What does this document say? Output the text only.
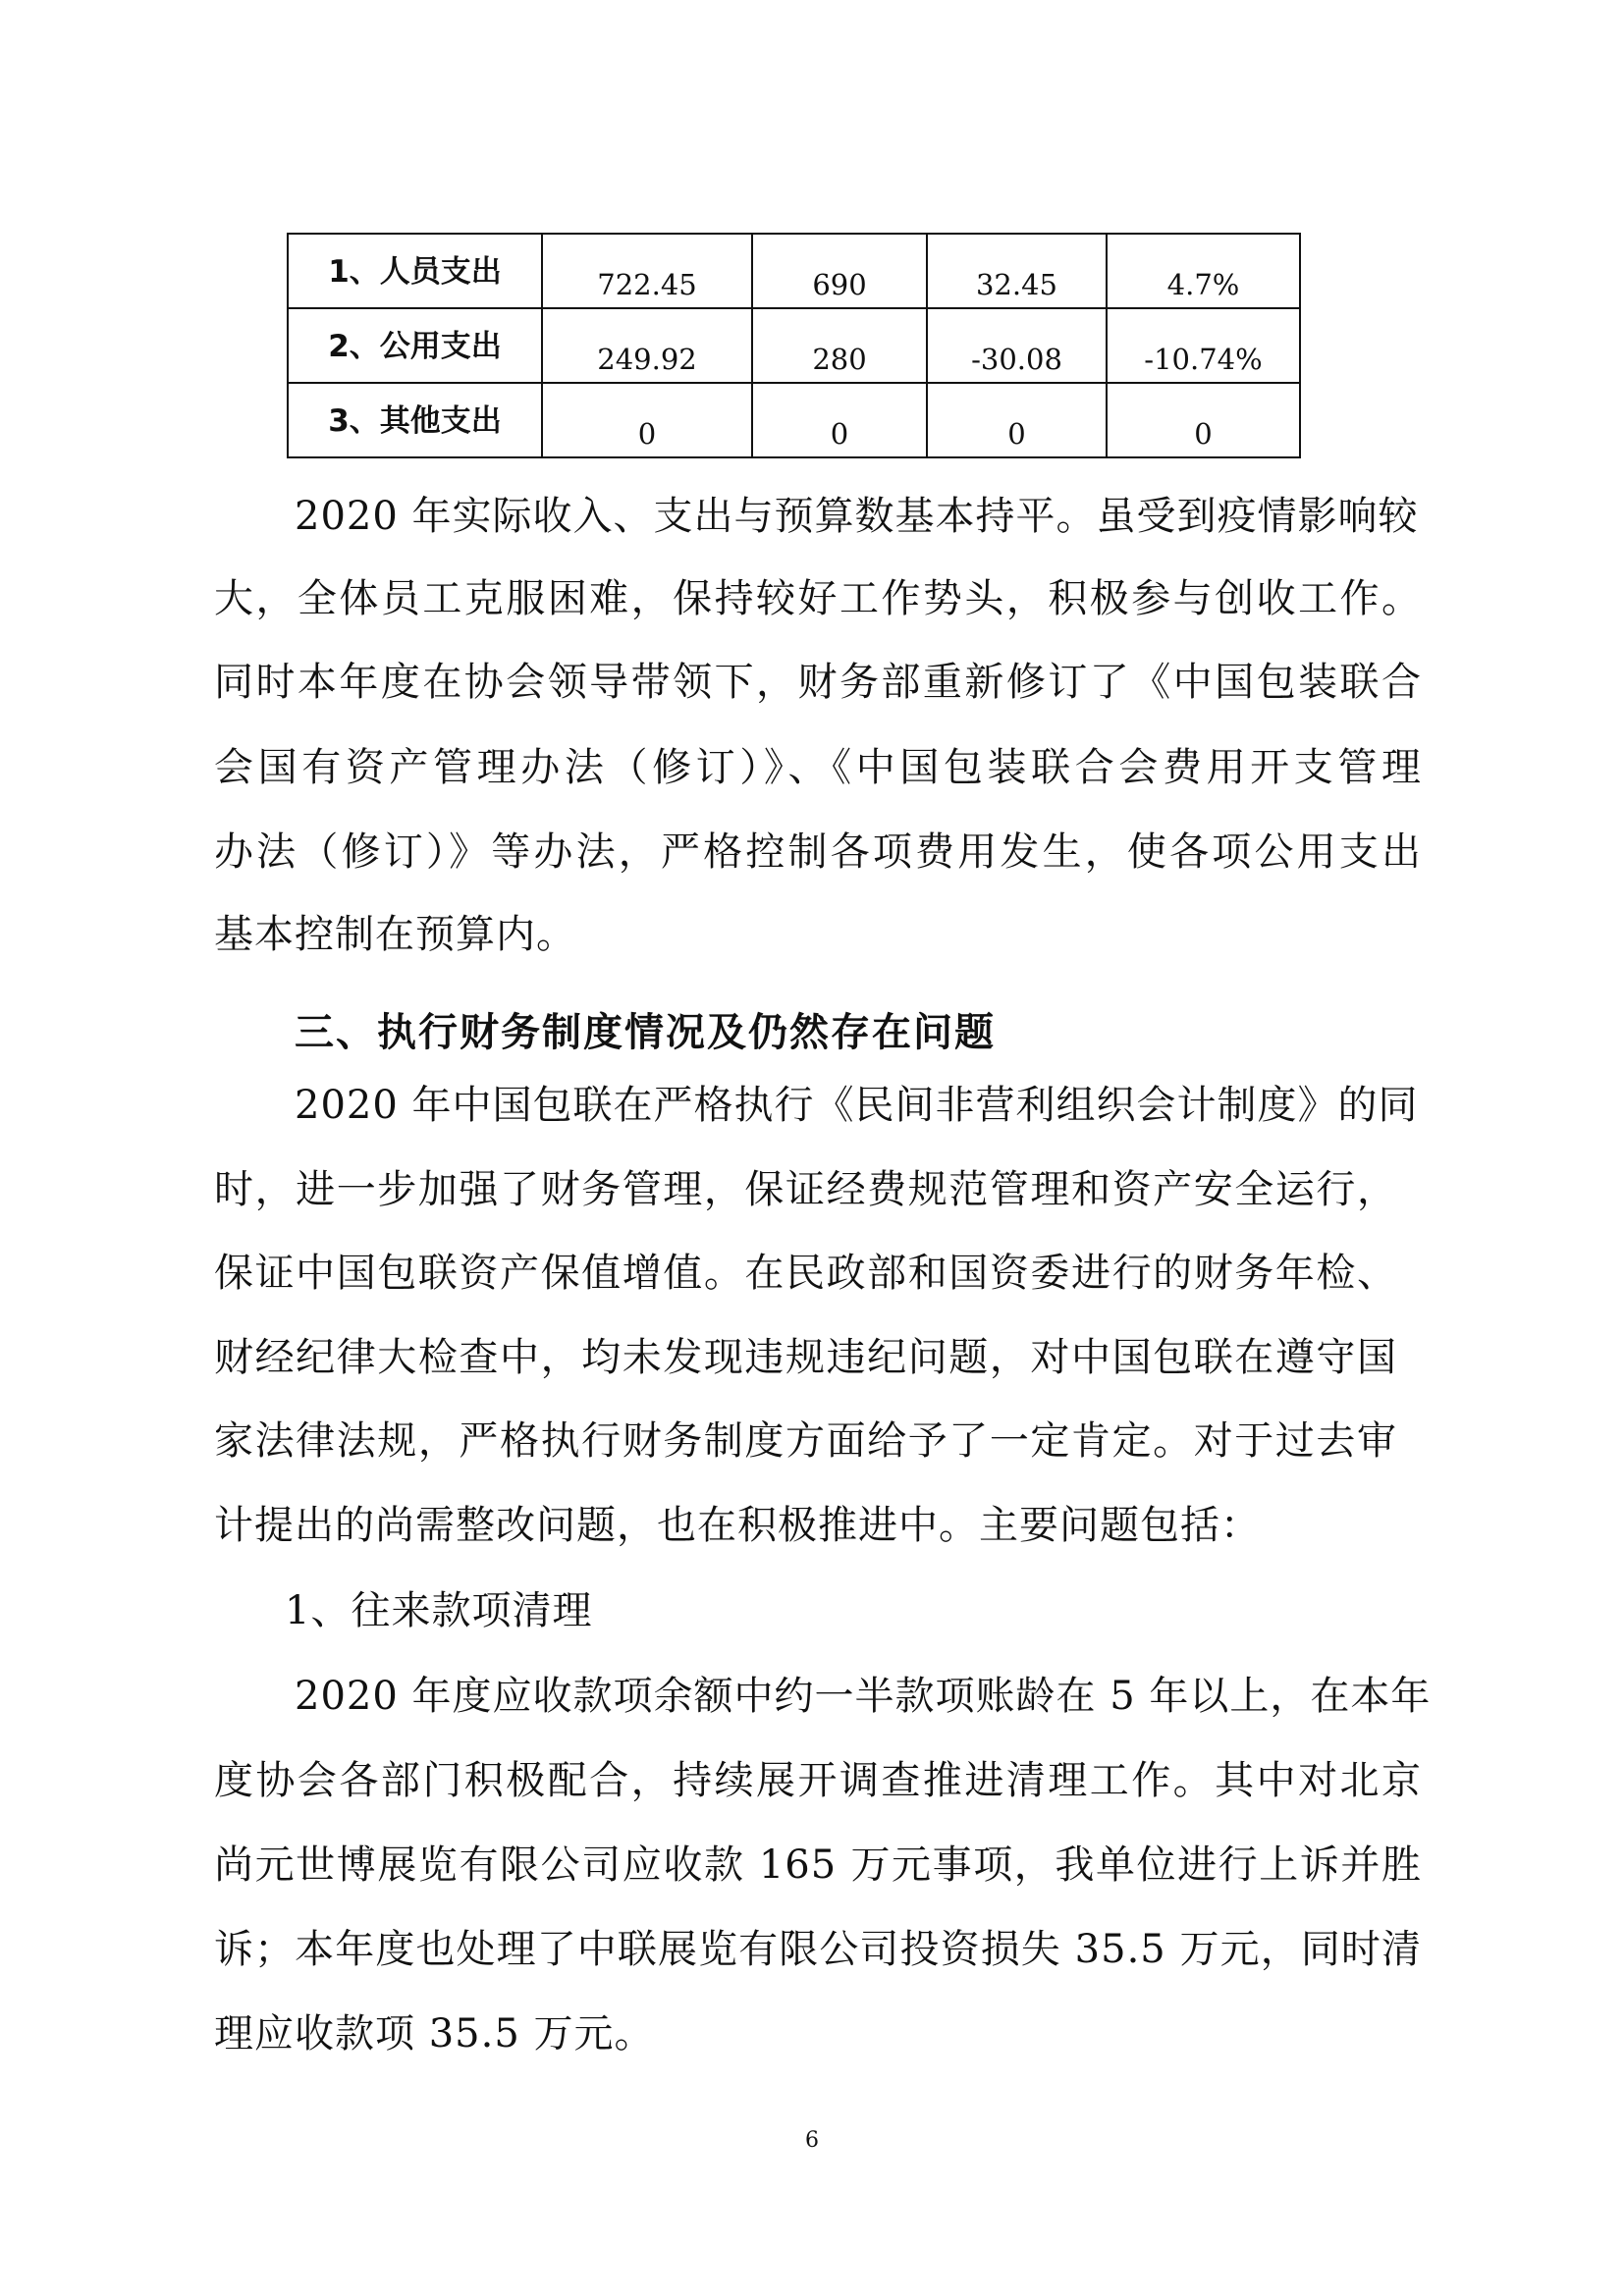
1、人员支出	722.45	690	32.45	4.7%
2、公用支出	249.92	280	-30.08	-10.74%
3、其他支出	0	0	0	0
2020 年实际收入、支出与预算数基本持平。虽受到疫情影响较
大，全体员工克服困难，保持较好工作势头，积极参与创收工作。
同时本年度在协会领导带领下，财务部重新修订了《中国包装联合
会国有资产管理办法（修订）》、《中国包装联合会费用开支管理
办法（修订）》等办法，严格控制各项费用发生，使各项公用支出
基本控制在预算内。
三、执行财务制度情况及仍然存在问题
2020 年中国包联在严格执行《民间非营利组织会计制度》的同
时，进一步加强了财务管理，保证经费规范管理和资产安全运行，
保证中国包联资产保值增值。在民政部和国资委进行的财务年检、
财经纪律大检查中，均未发现违规违纪问题，对中国包联在遵守国
家法律法规，严格执行财务制度方面给予了一定肯定。对于过去审
计提出的尚需整改问题，也在积极推进中。主要问题包括：
1、往来款项清理
2020 年度应收款项余额中约一半款项账龄在 5 年以上，在本年
度协会各部门积极配合，持续展开调查推进清理工作。其中对北京
尚元世博展览有限公司应收款 165 万元事项，我单位进行上诉并胜
诉；本年度也处理了中联展览有限公司投资损失 35.5 万元，同时清
理应收款项 35.5 万元。
6
